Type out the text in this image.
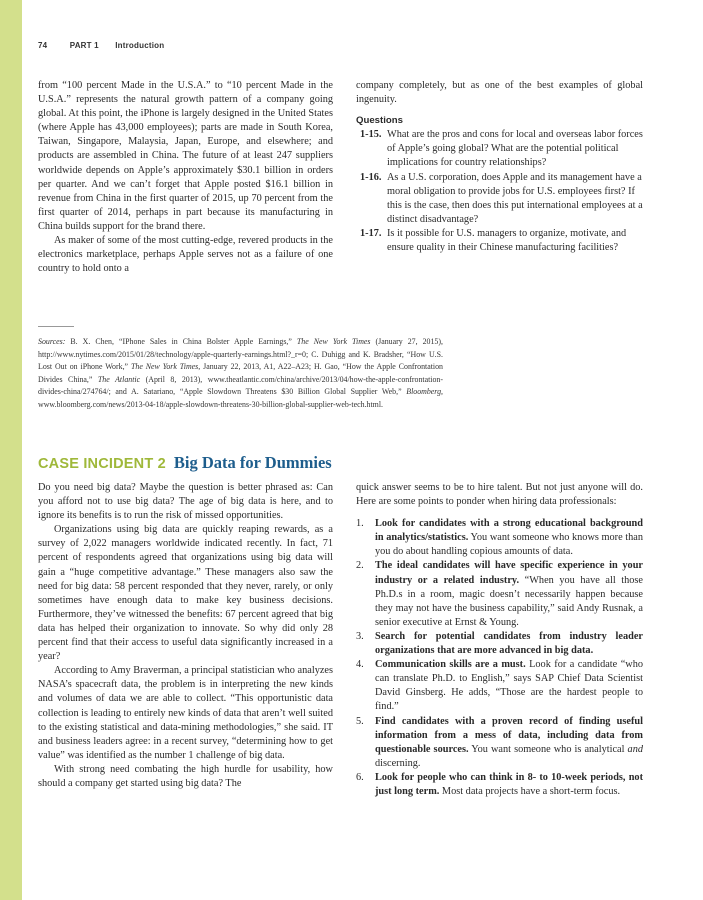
74	PART 1 Introduction

from “100 percent Made in the U.S.A.” to “10 percent Made in the U.S.A.” represents the natural growth pattern of a company going global. At this point, the iPhone is largely designed in the United States (where Apple has 43,000 employees); parts are made in South Korea, Taiwan, Singapore, Malaysia, Japan, Europe, and elsewhere; and products are assembled in China. The future of at least 247 suppliers worldwide depends on Apple’s approximately $30.1 billion in orders per quarter. And we can’t forget that Apple posted $16.1 billion in revenue from China in the first quarter of 2015, up 70 percent from the first quarter of 2014, perhaps in part because its manufacturing in China builds support for the brand there.

As maker of some of the most cutting-edge, revered products in the electronics marketplace, perhaps Apple serves not as a failure of one country to hold onto a

company completely, but as one of the best examples of global ingenuity.

Questions
1-15. What are the pros and cons for local and overseas labor forces of Apple’s going global? What are the potential political implications for country relationships?
1-16. As a U.S. corporation, does Apple and its management have a moral obligation to provide jobs for U.S. employees first? If this is the case, then does this put international employees at a distinct disadvantage?
1-17. Is it possible for U.S. managers to organize, motivate, and ensure quality in their Chinese manufacturing facilities?
Sources: B. X. Chen, “IPhone Sales in China Bolster Apple Earnings,” The New York Times (January 27, 2015), http://www.nytimes.com/2015/01/28/technology/apple-quarterly-earnings.html?_r=0; C. Duhigg and K. Bradsher, “How U.S. Lost Out on iPhone Work,” The New York Times, January 22, 2013, A1, A22–A23; H. Gao, “How the Apple Confrontation Divides China,” The Atlantic (April 8, 2013), www.theatlantic.com/china/archive/2013/04/how-the-apple-confrontation-divides-china/274764/; and A. Satariano, “Apple Slowdown Threatens $30 Billion Global Supplier Web,” Bloomberg, www.bloomberg.com/news/2013-04-18/apple-slowdown-threatens-30-billion-global-supplier-web-tech.html.
CASE INCIDENT 2 Big Data for Dummies

Do you need big data? Maybe the question is better phrased as: Can you afford not to use big data? The age of big data is here, and to ignore its benefits is to run the risk of missed opportunities.

Organizations using big data are quickly reaping rewards, as a survey of 2,022 managers worldwide indicated recently. In fact, 71 percent of respondents agreed that organizations using big data will gain a “huge competitive advantage.” These managers also saw the need for big data: 58 percent responded that they never, rarely, or only sometimes have enough data to make key business decisions. Furthermore, they’ve witnessed the benefits: 67 percent agreed that big data has helped their organization to innovate. So why did only 28 percent find that their access to useful data significantly increased in a year?

According to Amy Braverman, a principal statistician who analyzes NASA’s spacecraft data, the problem is in interpreting the new kinds and volumes of data we are able to collect. “This opportunistic data collection is leading to entirely new kinds of data that aren’t well suited to the existing statistical and data-mining methodologies,” she said. IT and business leaders agree: in a recent survey, “determining how to get value” was identified as the number 1 challenge of big data.

With strong need combating the high hurdle for usability, how should a company get started using big data? The

quick answer seems to be to hire talent. But not just anyone will do. Here are some points to ponder when hiring data professionals:

1. Look for candidates with a strong educational background in analytics/statistics. You want someone who knows more than you do about handling copious amounts of data.
2. The ideal candidates will have specific experience in your industry or a related industry. “When you have all those Ph.D.s in a room, magic doesn’t necessarily happen because they may not have the business capability,” said Andy Rusnak, a senior executive at Ernst & Young.
3. Search for potential candidates from industry leader organizations that are more advanced in big data.
4. Communication skills are a must. Look for a candidate “who can translate Ph.D. to English,” says SAP Chief Data Scientist David Ginsberg. He adds, “Those are the hardest people to find.”
5. Find candidates with a proven record of finding useful information from a mess of data, including data from questionable sources. You want someone who is analytical and discerning.
6. Look for people who can think in 8- to 10-week periods, not just long term. Most data projects have a short-term focus.
